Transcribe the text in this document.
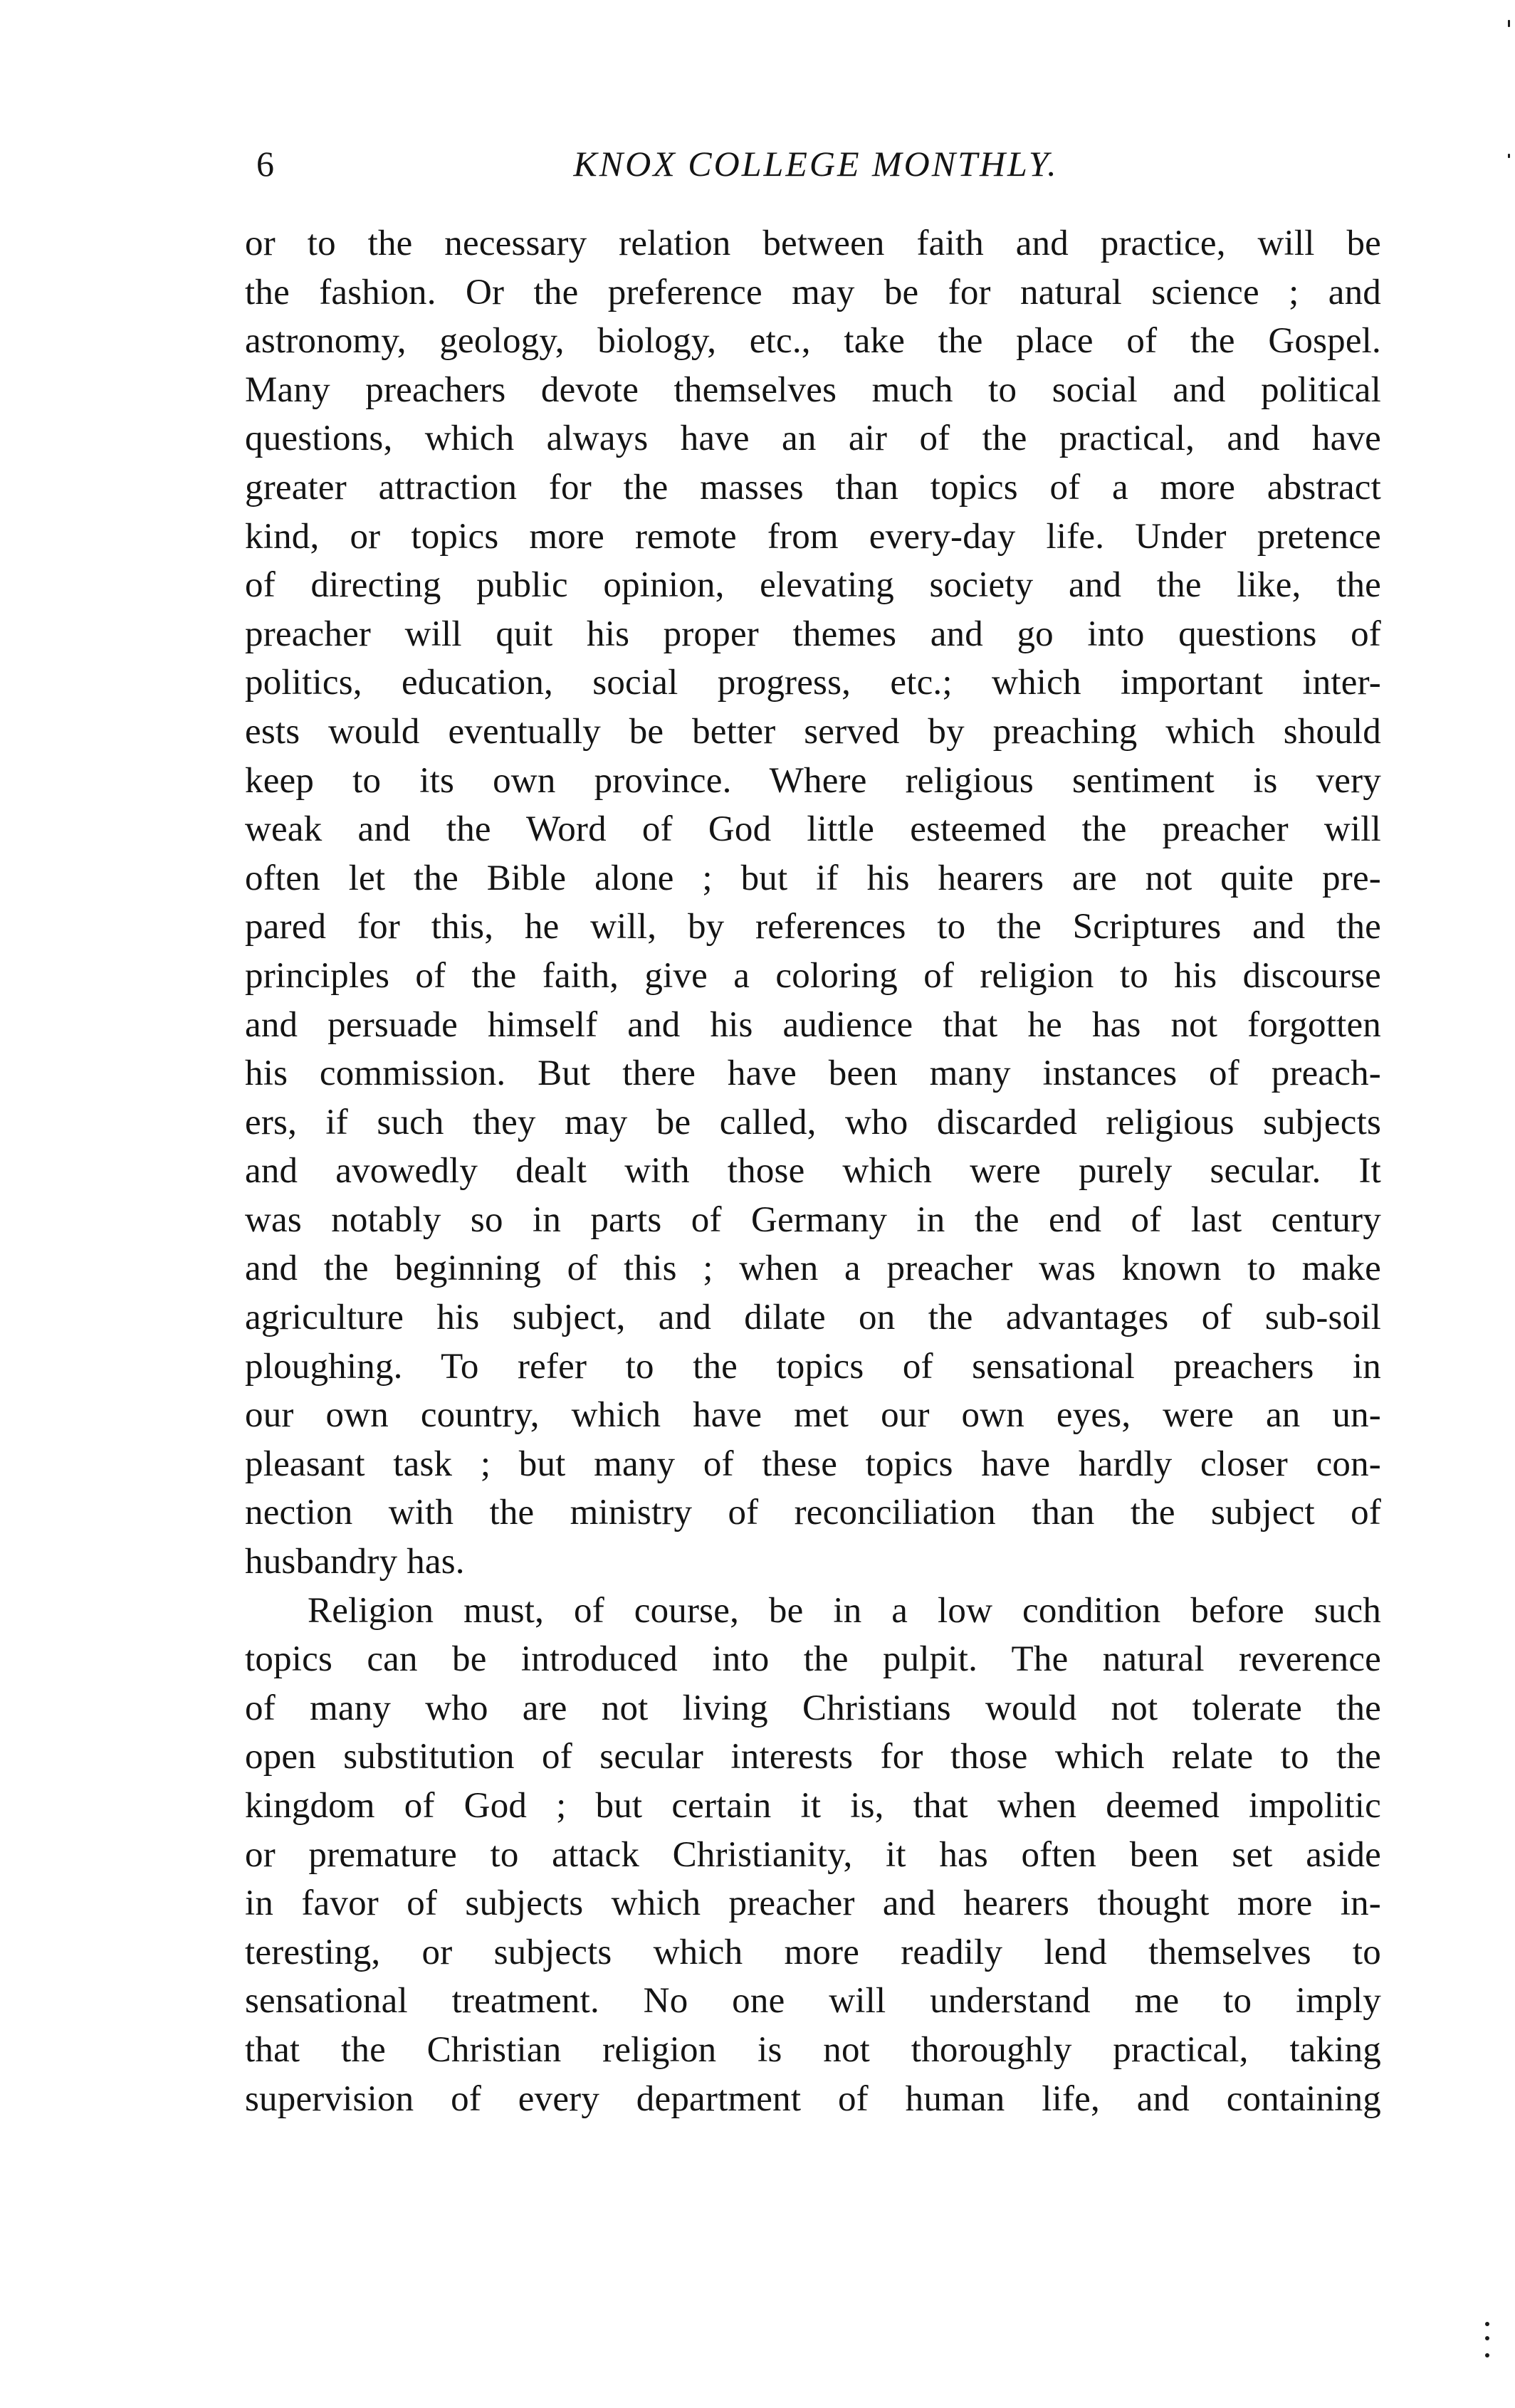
6	KNOX COLLEGE MONTHLY.
or to the necessary relation between faith and practice, will be
the fashion. Or the preference may be for natural science ; and
astronomy, geology, biology, etc., take the place of the Gospel.
Many preachers devote themselves much to social and political
questions, which always have an air of the practical, and have
greater attraction for the masses than topics of a more abstract
kind, or topics more remote from every-day life. Under pretence
of directing public opinion, elevating society and the like, the
preacher will quit his proper themes and go into questions of
politics, education, social progress, etc.; which important inter-
ests would eventually be better served by preaching which should
keep to its own province. Where religious sentiment is very
weak and the Word of God little esteemed the preacher will
often let the Bible alone ; but if his hearers are not quite pre-
pared for this, he will, by references to the Scriptures and the
principles of the faith, give a coloring of religion to his discourse
and persuade himself and his audience that he has not forgotten
his commission. But there have been many instances of preach-
ers, if such they may be called, who discarded religious subjects
and avowedly dealt with those which were purely secular. It
was notably so in parts of Germany in the end of last century
and the beginning of this ; when a preacher was known to make
agriculture his subject, and dilate on the advantages of sub-soil
ploughing. To refer to the topics of sensational preachers in
our own country, which have met our own eyes, were an un-
pleasant task ; but many of these topics have hardly closer con-
nection with the ministry of reconciliation than the subject of
husbandry has.
Religion must, of course, be in a low condition before such
topics can be introduced into the pulpit. The natural reverence
of many who are not living Christians would not tolerate the
open substitution of secular interests for those which relate to the
kingdom of God ; but certain it is, that when deemed impolitic
or premature to attack Christianity, it has often been set aside
in favor of subjects which preacher and hearers thought more in-
teresting, or subjects which more readily lend themselves to
sensational treatment. No one will understand me to imply
that the Christian religion is not thoroughly practical, taking
supervision of every department of human life, and containing
